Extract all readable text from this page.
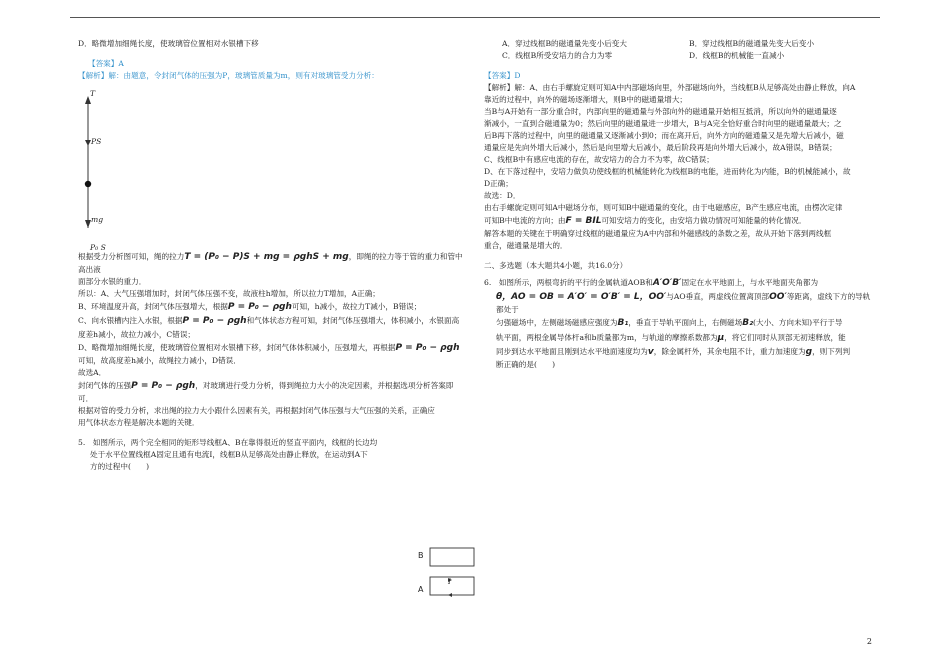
D．略微增加细绳长度，使玻璃管位置相对水银槽下移

【答案】A

【解析】解：由题意，令封闭气体的压强为P，玻璃管质量为m，则有对玻璃管受力分析：

T
PS
mg
P₀ S

根据受力分析图可知，绳的拉力T = (P₀ − P)S + mg = ρghS + mg，即绳的拉力等于管的重力和管中高出液

面部分水银的重力．

所以：A、大气压强增加时，封闭气体压强不变，故液柱h增加，所以拉力T增加，A正确；

B、环境温度升高，封闭气体压强增大，根据P = P₀ − ρgh可知，h减小，故拉力T减小，B错误；

C、向水银槽内注入水银，根据P = P₀ − ρgh和气体状态方程可知，封闭气体压强增大，体积减小，水银面高

度差h减小，故拉力减小，C错误；

D、略微增加细绳长度，使玻璃管位置相对水银槽下移，封闭气体体积减小，压强增大，再根据P = P₀ − ρgh

可知，故高度差h减小，故绳拉力减小，D错误．

故选A．

封闭气体的压强P = P₀ − ρgh，对玻璃进行受力分析，得到绳拉力大小的决定因素，并根据选项分析答案即

可．

根据对管的受力分析，求出绳的拉力大小跟什么因素有关，再根据封闭气体压强与大气压强的关系，正确应

用气体状态方程是解决本题的关键．

5.　如图所示，两个完全相同的矩形导线框A、B在靠得很近的竖直平面内，线框的长边均

处于水平位置线框A固定且通有电流I，线框B从足够高处由静止释放，在运动到A下

方的过程中(　　)

B
A
I

A．穿过线框B的磁通量先变小后变大	B．穿过线框B的磁通量先变大后变小

C．线框B所受安培力的合力为零	D．线框B的机械能一直减小

【答案】D

【解析】解：A、由右手螺旋定则可知A中内部磁场向里，外部磁场向外，当线框B从足够高处由静止释放，向A

靠近的过程中，向外的磁场逐渐增大，则B中的磁通量增大；

当B与A开始有一部分重合时，内部向里的磁通量与外部向外的磁通量开始相互抵消，所以向外的磁通量逐

渐减小，一直到合磁通量为0；然后向里的磁通量进一步增大，B与A完全恰好重合时向里的磁通量最大；之

后B再下落的过程中，向里的磁通量又逐渐减小到0；而在离开后，向外方向的磁通量又是先增大后减小，磁

通量应是先向外增大后减小，然后是向里增大后减小，最后阶段再是向外增大后减小，故A错误，B错误；

C、线框B中有感应电流的存在，故安培力的合力不为零，故C错误；

D、在下落过程中，安培力做负功使线框的机械能转化为线框B的电能，进而转化为内能，B的机械能减小，故

D正确；

故选：D．

由右手螺旋定则可知A中磁场分布，则可知B中磁通量的变化，由于电磁感应，B产生感应电流，由楞次定律

可知B中电流的方向；由F = BIL可知安培力的变化，由安培力做功情况可知能量的转化情况．

解答本题的关键在于明确穿过线框的磁通量应为A中内部和外磁感线的条数之差，故从开始下落到两线框

重合，磁通量是增大的．

二、多选题（本大题共4小题，共16.0分）

6.　如图所示，两根弯折的平行的金属轨道AOB和A′O′B′固定在水平地面上，与水平地面夹角都为

θ，AO = OB = A′O′ = O′B′ = L，OO′与AO垂直，两虚线位置离顶部OO′等距离，虚线下方的导轨都处于

匀强磁场中，左侧磁场磁感应强度为B₁，垂直于导轨平面向上，右侧磁场B₂(大小、方向未知)平行于导

轨平面，两根金属导体杆a和b质量都为m，与轨道的摩擦系数都为μ，将它们同时从顶部无初速释放，能

同步到达水平地面且刚到达水平地面速度均为v，除金属杆外，其余电阻不计，重力加速度为g，则下列判

断正确的是(　　)

2
